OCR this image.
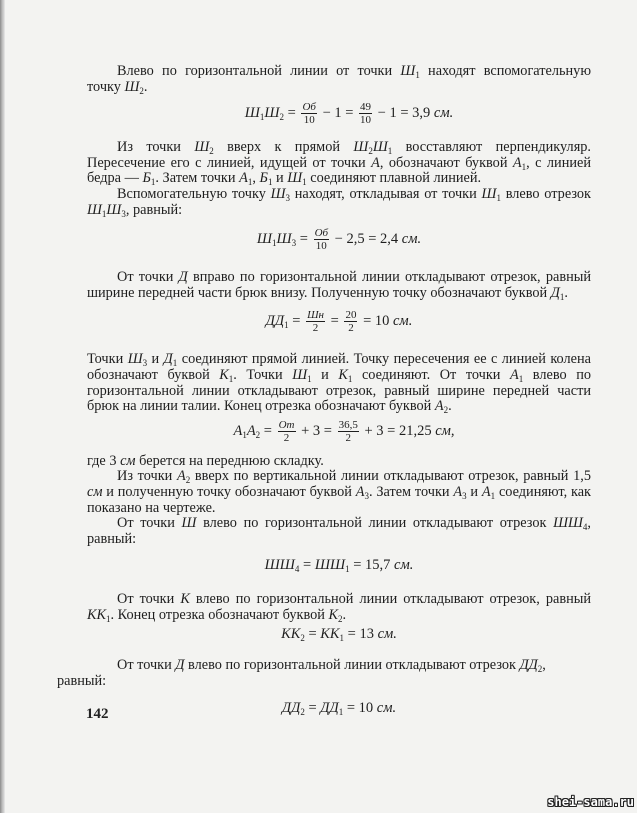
Влево по горизонтальной линии от точки $Ш_1$ находят вспомогательную точку $Ш_2$.

$Ш_1Ш_2 = \frac{Об}{10} - 1 = \frac{49}{10} - 1 = 3,9$ см.

Из точки $Ш_2$ вверх к прямой $Ш_2Ш_1$ восставляют перпендикуляр. Пересечение его с линией, идущей от точки А, обозначают буквой $А_1$, с линией бедра — $Б_1$. Затем точки $А_1$, $Б_1$ и $Ш_1$ соединяют плавной линией.

Вспомогательную точку $Ш_3$ находят, откладывая от точки $Ш_1$ влево отрезок $Ш_1Ш_3$, равный:

$Ш_1Ш_3 = \frac{Об}{10} - 2,5 = 2,4$ см.

От точки Д вправо по горизонтальной линии откладывают отрезок, равный ширине передней части брюк внизу. Полученную точку обозначают буквой $Д_1$.

$ДД_1 = \frac{Шн}{2} = \frac{20}{2} = 10$ см.

Точки $Ш_3$ и $Д_1$ соединяют прямой линией. Точку пересечения ее с линией колена обозначают буквой $К_1$. Точки $Ш_1$ и $К_1$ соединяют. От точки $А_1$ влево по горизонтальной линии откладывают отрезок, равный ширине передней части брюк на линии талии. Конец отрезка обозначают буквой $А_2$.

$А_1А_2 = \frac{От}{2} + 3 = \frac{36,5}{2} + 3 = 21,25$ см,

где 3 см берется на переднюю складку.

Из точки $А_2$ вверх по вертикальной линии откладывают отрезок, равный 1,5 см и полученную точку обозначают буквой $А_3$. Затем точки $А_3$ и $А_1$ соединяют, как показано на чертеже.

От точки Ш влево по горизонтальной линии откладывают отрезок $ШШ_4$, равный:

$ШШ_4 = ШШ_1 = 15,7$ см.

От точки К влево по горизонтальной линии откладывают отрезок, равный $КК_1$. Конец отрезка обозначают буквой $К_2$.

$КК_2 = КК_1 = 13$ см.

От точки Д влево по горизонтальной линии откладывают отрезок $ДД_2$,
равный:

$ДД_2 = ДД_1 = 10$ см.
142
shei-sama.ru
